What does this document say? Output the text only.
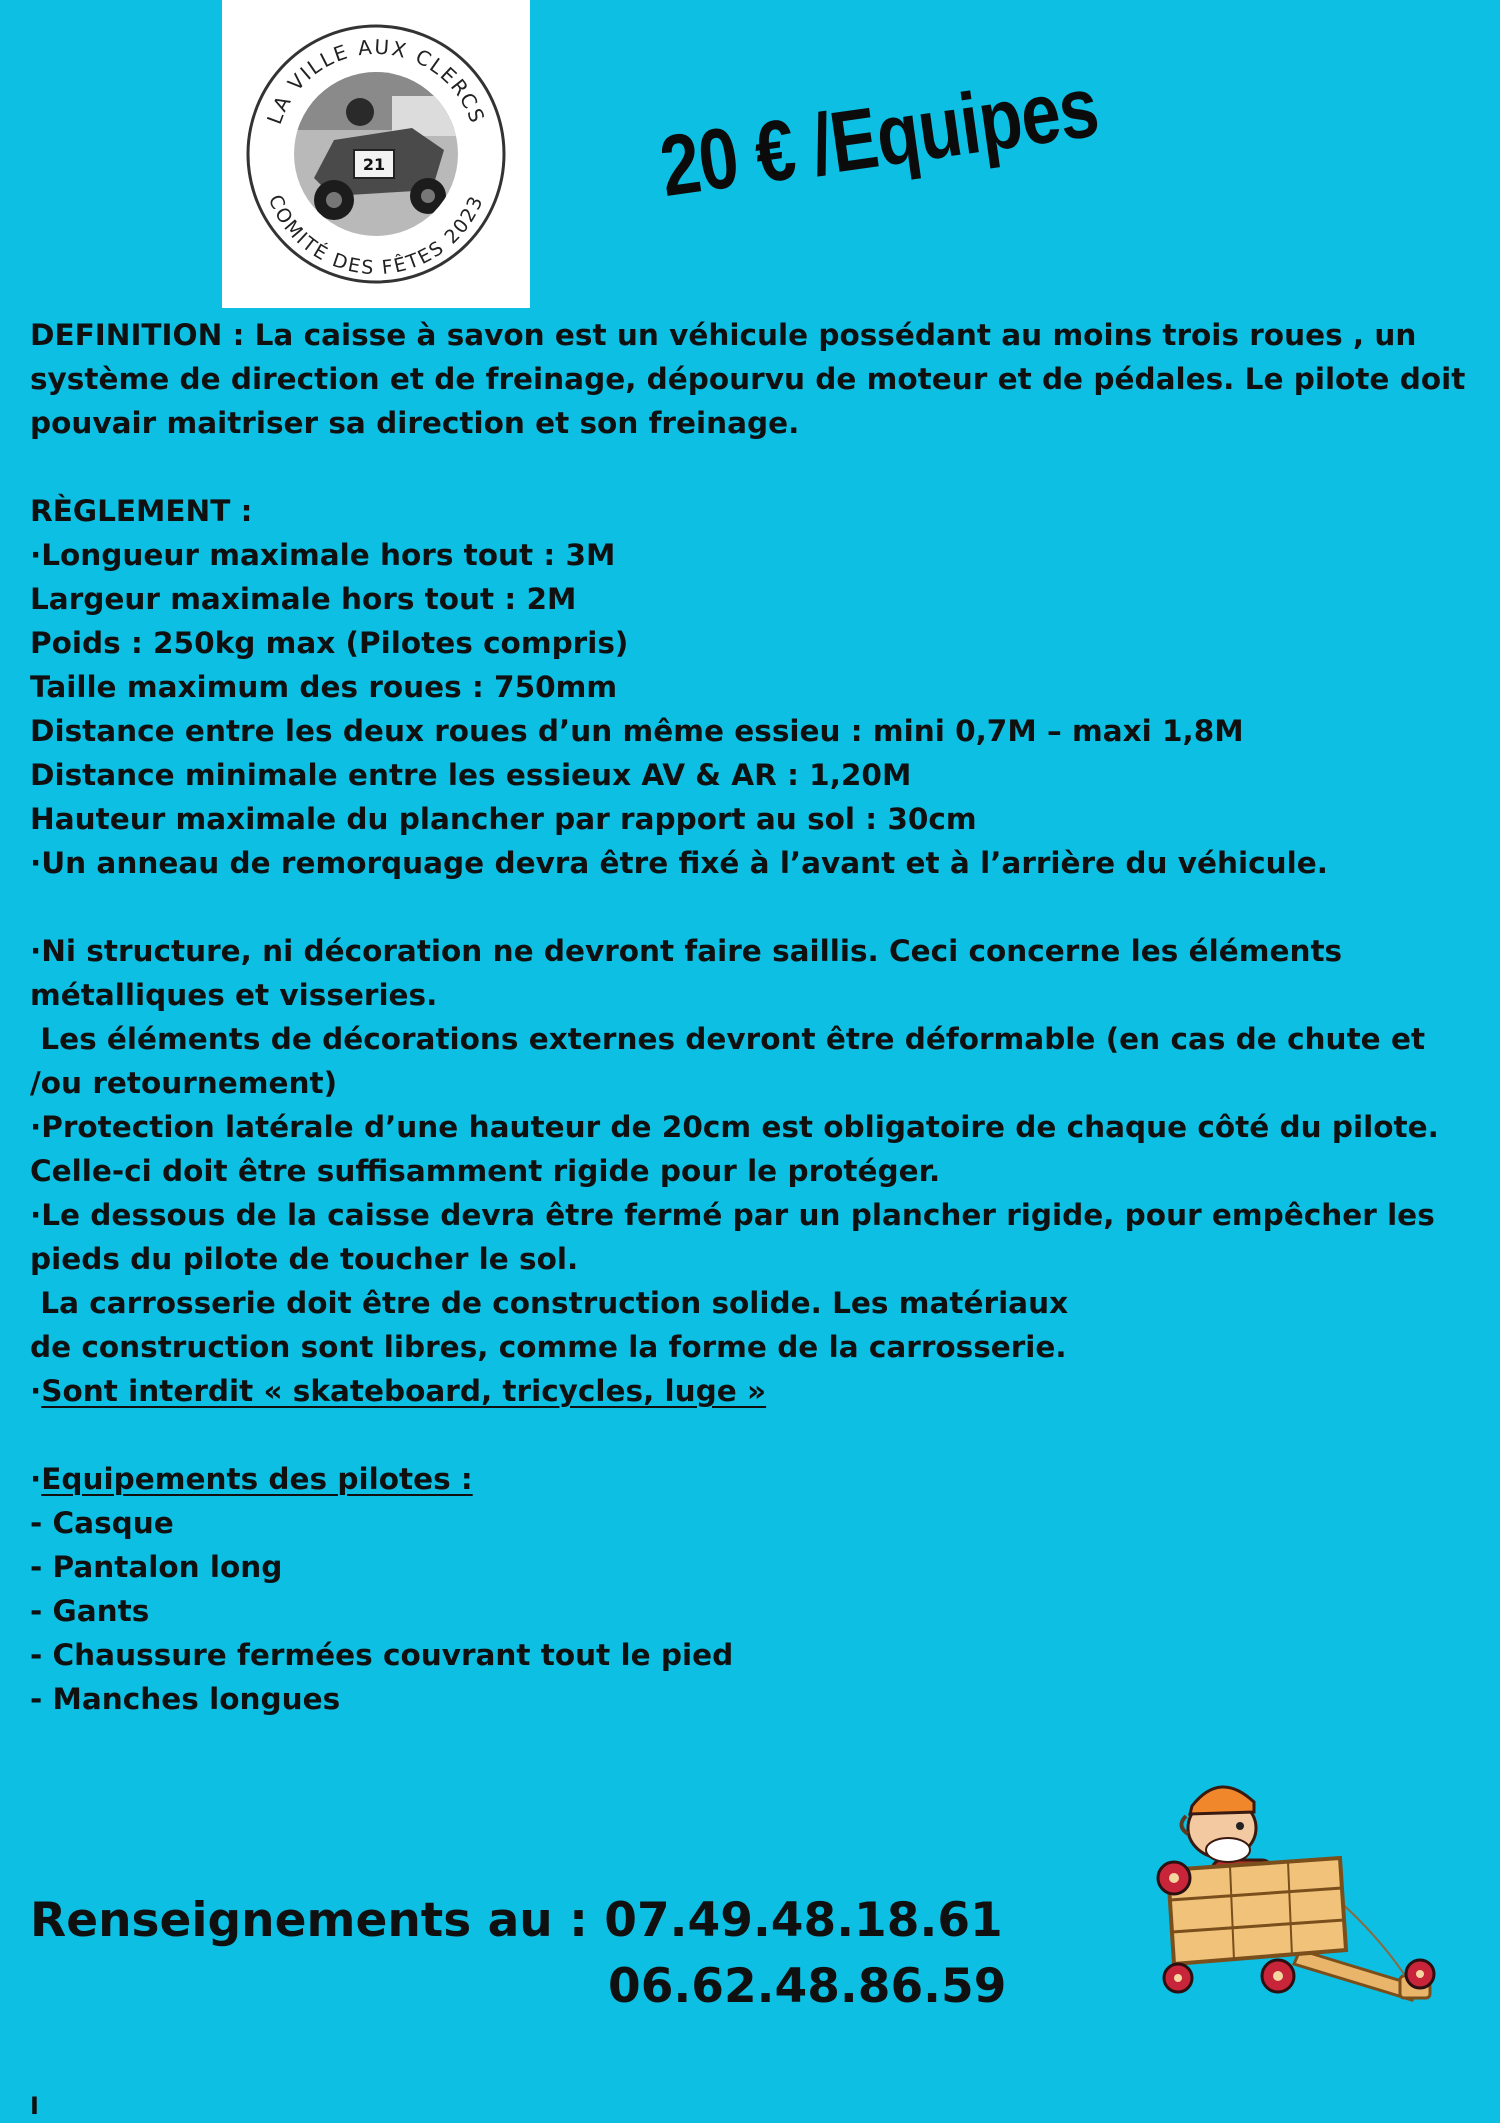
LA VILLE AUX CLERCS
COMITÉ DES FÊTES 2023
21	20 € /Equipes

DEFINITION : La caisse à savon est un véhicule possédant au moins trois roues , un système de direction et de freinage, dépourvu de moteur et de pédales. Le pilote doit pouvair maitriser sa direction et son freinage.

RÈGLEMENT :

·Longueur maximale hors tout : 3M

Largeur maximale hors tout : 2M

Poids : 250kg max (Pilotes compris)

Taille maximum des roues : 750mm

Distance entre les deux roues d’un même essieu : mini 0,7M – maxi 1,8M

Distance minimale entre les essieux AV & AR : 1,20M

Hauteur maximale du plancher par rapport au sol : 30cm

·Un anneau de remorquage devra être fixé à l’avant et à l’arrière du véhicule.

·Ni structure, ni décoration ne devront faire saillis. Ceci concerne les éléments métalliques et visseries.

Les éléments de décorations externes devront être déformable (en cas de chute et /ou retournement)

·Protection latérale d’une hauteur de 20cm est obligatoire de chaque côté du pilote. Celle-ci doit être suffisamment rigide pour le protéger.

·Le dessous de la caisse devra être fermé par un plancher rigide, pour empêcher les pieds du pilote de toucher le sol.

La carrosserie doit être de construction solide. Les matériaux

de construction sont libres, comme la forme de la carrosserie.

·Sont interdit « skateboard, tricycles, luge »

·Equipements des pilotes :

- Casque

- Pantalon long

- Gants

- Chaussure fermées couvrant tout le pied

- Manches longues

Renseignements au : 07.49.48.18.61
06.62.48.86.59
I
